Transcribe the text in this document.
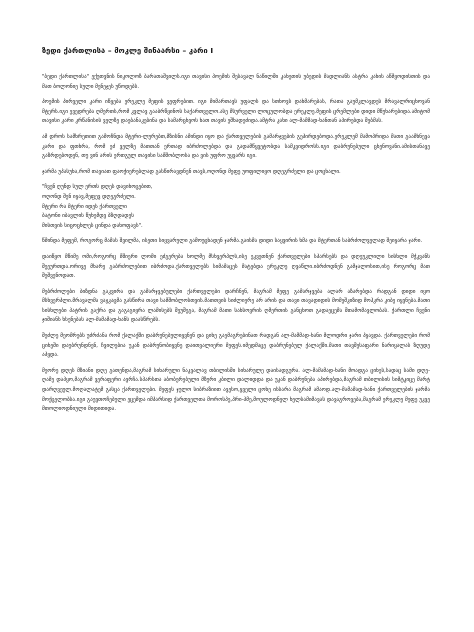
ზედი ქართლისა – მოკლე შინაარსი – კარი I

"ბედი ქართლისა" ექუთვნის ნიკოლოზ ბარათაშვილს.იგი თავისი პოემის შესავალ ნაწილში კახეთის უბედის მადლიანს ასტრა კახის აწმყოდისთის და მათ ბოლონიე სული მენეჯეს უწოდებს.

პოემის პირველი კარი იწყება ერეკლე მეფის ვეფრებით. იგი მიმართავს უფალს და სთხოვს დახმარებას, რათა გაუმკლავდეს მრავალრიცხოვან მტერს.იგი ევედრება ღმერთს,რომ კვლავ გააბრწყინოს საქართველო.ასე მსურველი ლოცულობდა ერეკლე.მეფის ცრემლები დიდი მწუხარებიდა.ამიტომ თავისი კარი კრწანისის ველზე დაებანაკებინა და სამარცხვოს ხათ თავის ეშხადეძიდა.ამტრა კახი ალ-მამმად-ხანთან აპირებდა შებმას.

ამ დროს სამხრეთით გამოჩნდა მტერი-ლურებთ,მზისნი ამინდი იყო და ქართველების გამარჯვების გეპირდებოდა.ერეკლემ მამოპრიდა მათი გაამხნევა კარი და ფთხრა, რომ ეძ ველზე მათთან ერთად იბრძოლებდა და გადამწყვეტობდა სამკვიდროსს.იგი დაბრუნებული ცხენოვანი.ამისთანავე გაზრდებოდენ, თუ ვინ არის ერთგულ თავისი სამშობლოსა და ვის უფრო უყვარს იგი.

ჯარმა უპასუხა,რომ თავიათ ფაოქიერებლად გასწირავდნენ თავს,ოღონდ მეფე უოფილიყო დღეგრძელი და ცოცხალი.

"ჩვენ ღუნდ სულ ერთს დღეს დავიხოცებით,
ოღონდ შენ იყავ,მეფევ დღეგრძელი.
მტერი რა მტერი იდეს ქართველი
ბატონი იბავლის წუხემდვ ბზღდადეს
მისთვის სიცოცხლეს ცინდა დახოფავს".

წმინდა მეფემ, როგორც მამას შვილმა, ისეთი სიყვარული გამოუცხადენ ჯარმა.გაისმა დიდი საყვირის ხმა და მტერთან საბრძოლველად შეიყარა ჯარი.

დაიწყო მწიმე ომი,როგორც მშიერი ლომი ეძგერება ხოლმე მსხვერპლს,ისე ეკვეთნენ ქართველები სპარსებს და დღეუკლილი სისხლი მჭკვანს შეეურთდა.ორივე მხარე გაბრძოლებით იბრძოდა.ქართველებს სიმამაცეს მატებდა ერეკლე ღვაწლი.იბრძოდნენ გამჯალოსით,ისე როგორც მათ შეშვენოდათ.

მებრძოლები ბიზდნა გაკვირა და გამარჯვებულები ქართველები დარჩნენ, მაგრამ მეფე გამარჯვება ალარ აზარებდა რადგან დიდი იყო მსხვერპლი.მრავალმა ვაჟკაცმა გასწირა თავი სამშობლოსთვის.მათთვის სიძლიერე არ არის და თავი თავადიდის მომეშკიზიდ მოჰკრა კიბე იყვნება.მათი სისხლები პატრის გაქრა და გაგაგიყრა ლამისებს შეუშეგა, მაგრამ მათი სახსოვრის ღმერთის განცხოთ გადაეცემა შთამომავლობას. ქართლი ჩვენი ჯიშიანს ხსენებას ალ-მამამად-ხანს დაასწრებს.

შეძლე მეომრებს უძრძანა რომ ქალაქში დაბრუნებულიყვნენ და ციხე გაემაგრებინათ რადგან ალ-მამმად-ხანი მლოდრი ჯარი პყავდა. ქართველები რომ ციხეში დაუბრუნდნენ, ჩვილებია უკან დაბრუნობიყვნე დაითვალიერი მეფეს.იმედმაცე დაბრუნებულ ქალაქში.მათი თავშესაფარი ნარიყალას ზღუდე აპყდა.

მეორე დღეს მზიანი დღე გათენდა,მაგრამ სიხარული ნაკვალავ თბილისში სიხარულე დაისადგურა. ალ-მამამად-ხანი მოადგა ციხეს,სადაც სამი დღე-ღამე დაპყო,მაგრამ ვერაფერი ავრჩა.სპარსთა აბობერებული მზური კბილი დალიდდა და უკან დაბრუნება აპირებდა,მაგრამ თბილისის სიმტკიცე მარტ დარღვეულ.მოღალატემ გასცა ქართველები. მეფეს ჯულო სიბრაზიით ავესო,ყველი ცოხე ისსარა მაგრამ ამაოდ.ალ-მამამად-ხანი ქართველების ჯარმა მოქცელობსა.იგი გაუვთოჩებული ეცემდა იმპარსიდ ქართველთა მოროსპე,პრი-პმე,მოულოდნელ ხელსამიმავას დავაგროვება,მაგრამ ერეკლე მეფე უკვე მთოლიოდნიული მიდითიდა.
